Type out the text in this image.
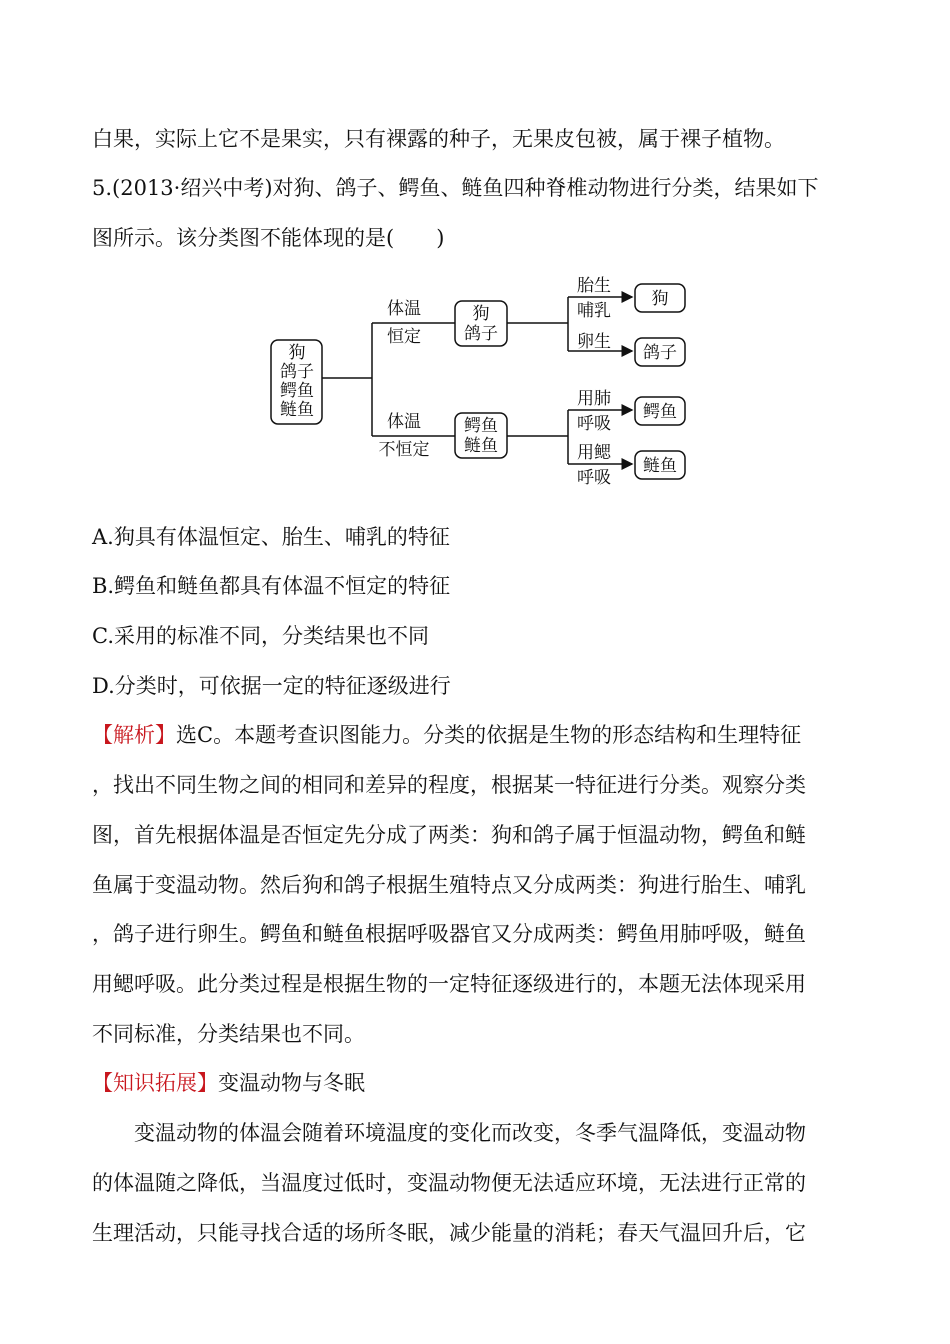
白果，实际上它不是果实，只有裸露的种子，无果皮包被，属于裸子植物。
5.(2013·绍兴中考)对狗、鸽子、鳄鱼、鲢鱼四种脊椎动物进行分类，结果如下
图所示。该分类图不能体现的是(　　)
狗
鸽子
鳄鱼
鲢鱼
体温
恒定
体温
不恒定
狗
鸽子
鳄鱼
鲢鱼
胎生
哺乳
卵生
用肺
呼吸
用鳃
呼吸
狗
鸽子
鳄鱼
鲢鱼
A.狗具有体温恒定、胎生、哺乳的特征
B.鳄鱼和鲢鱼都具有体温不恒定的特征
C.采用的标准不同，分类结果也不同
D.分类时，可依据一定的特征逐级进行
【解析】选C。本题考查识图能力。分类的依据是生物的形态结构和生理特征
，找出不同生物之间的相同和差异的程度，根据某一特征进行分类。观察分类
图，首先根据体温是否恒定先分成了两类：狗和鸽子属于恒温动物，鳄鱼和鲢
鱼属于变温动物。然后狗和鸽子根据生殖特点又分成两类：狗进行胎生、哺乳
，鸽子进行卵生。鳄鱼和鲢鱼根据呼吸器官又分成两类：鳄鱼用肺呼吸，鲢鱼
用鳃呼吸。此分类过程是根据生物的一定特征逐级进行的，本题无法体现采用
不同标准，分类结果也不同。
【知识拓展】变温动物与冬眠
变温动物的体温会随着环境温度的变化而改变，冬季气温降低，变温动物
的体温随之降低，当温度过低时，变温动物便无法适应环境，无法进行正常的
生理活动，只能寻找合适的场所冬眠，减少能量的消耗；春天气温回升后，它
